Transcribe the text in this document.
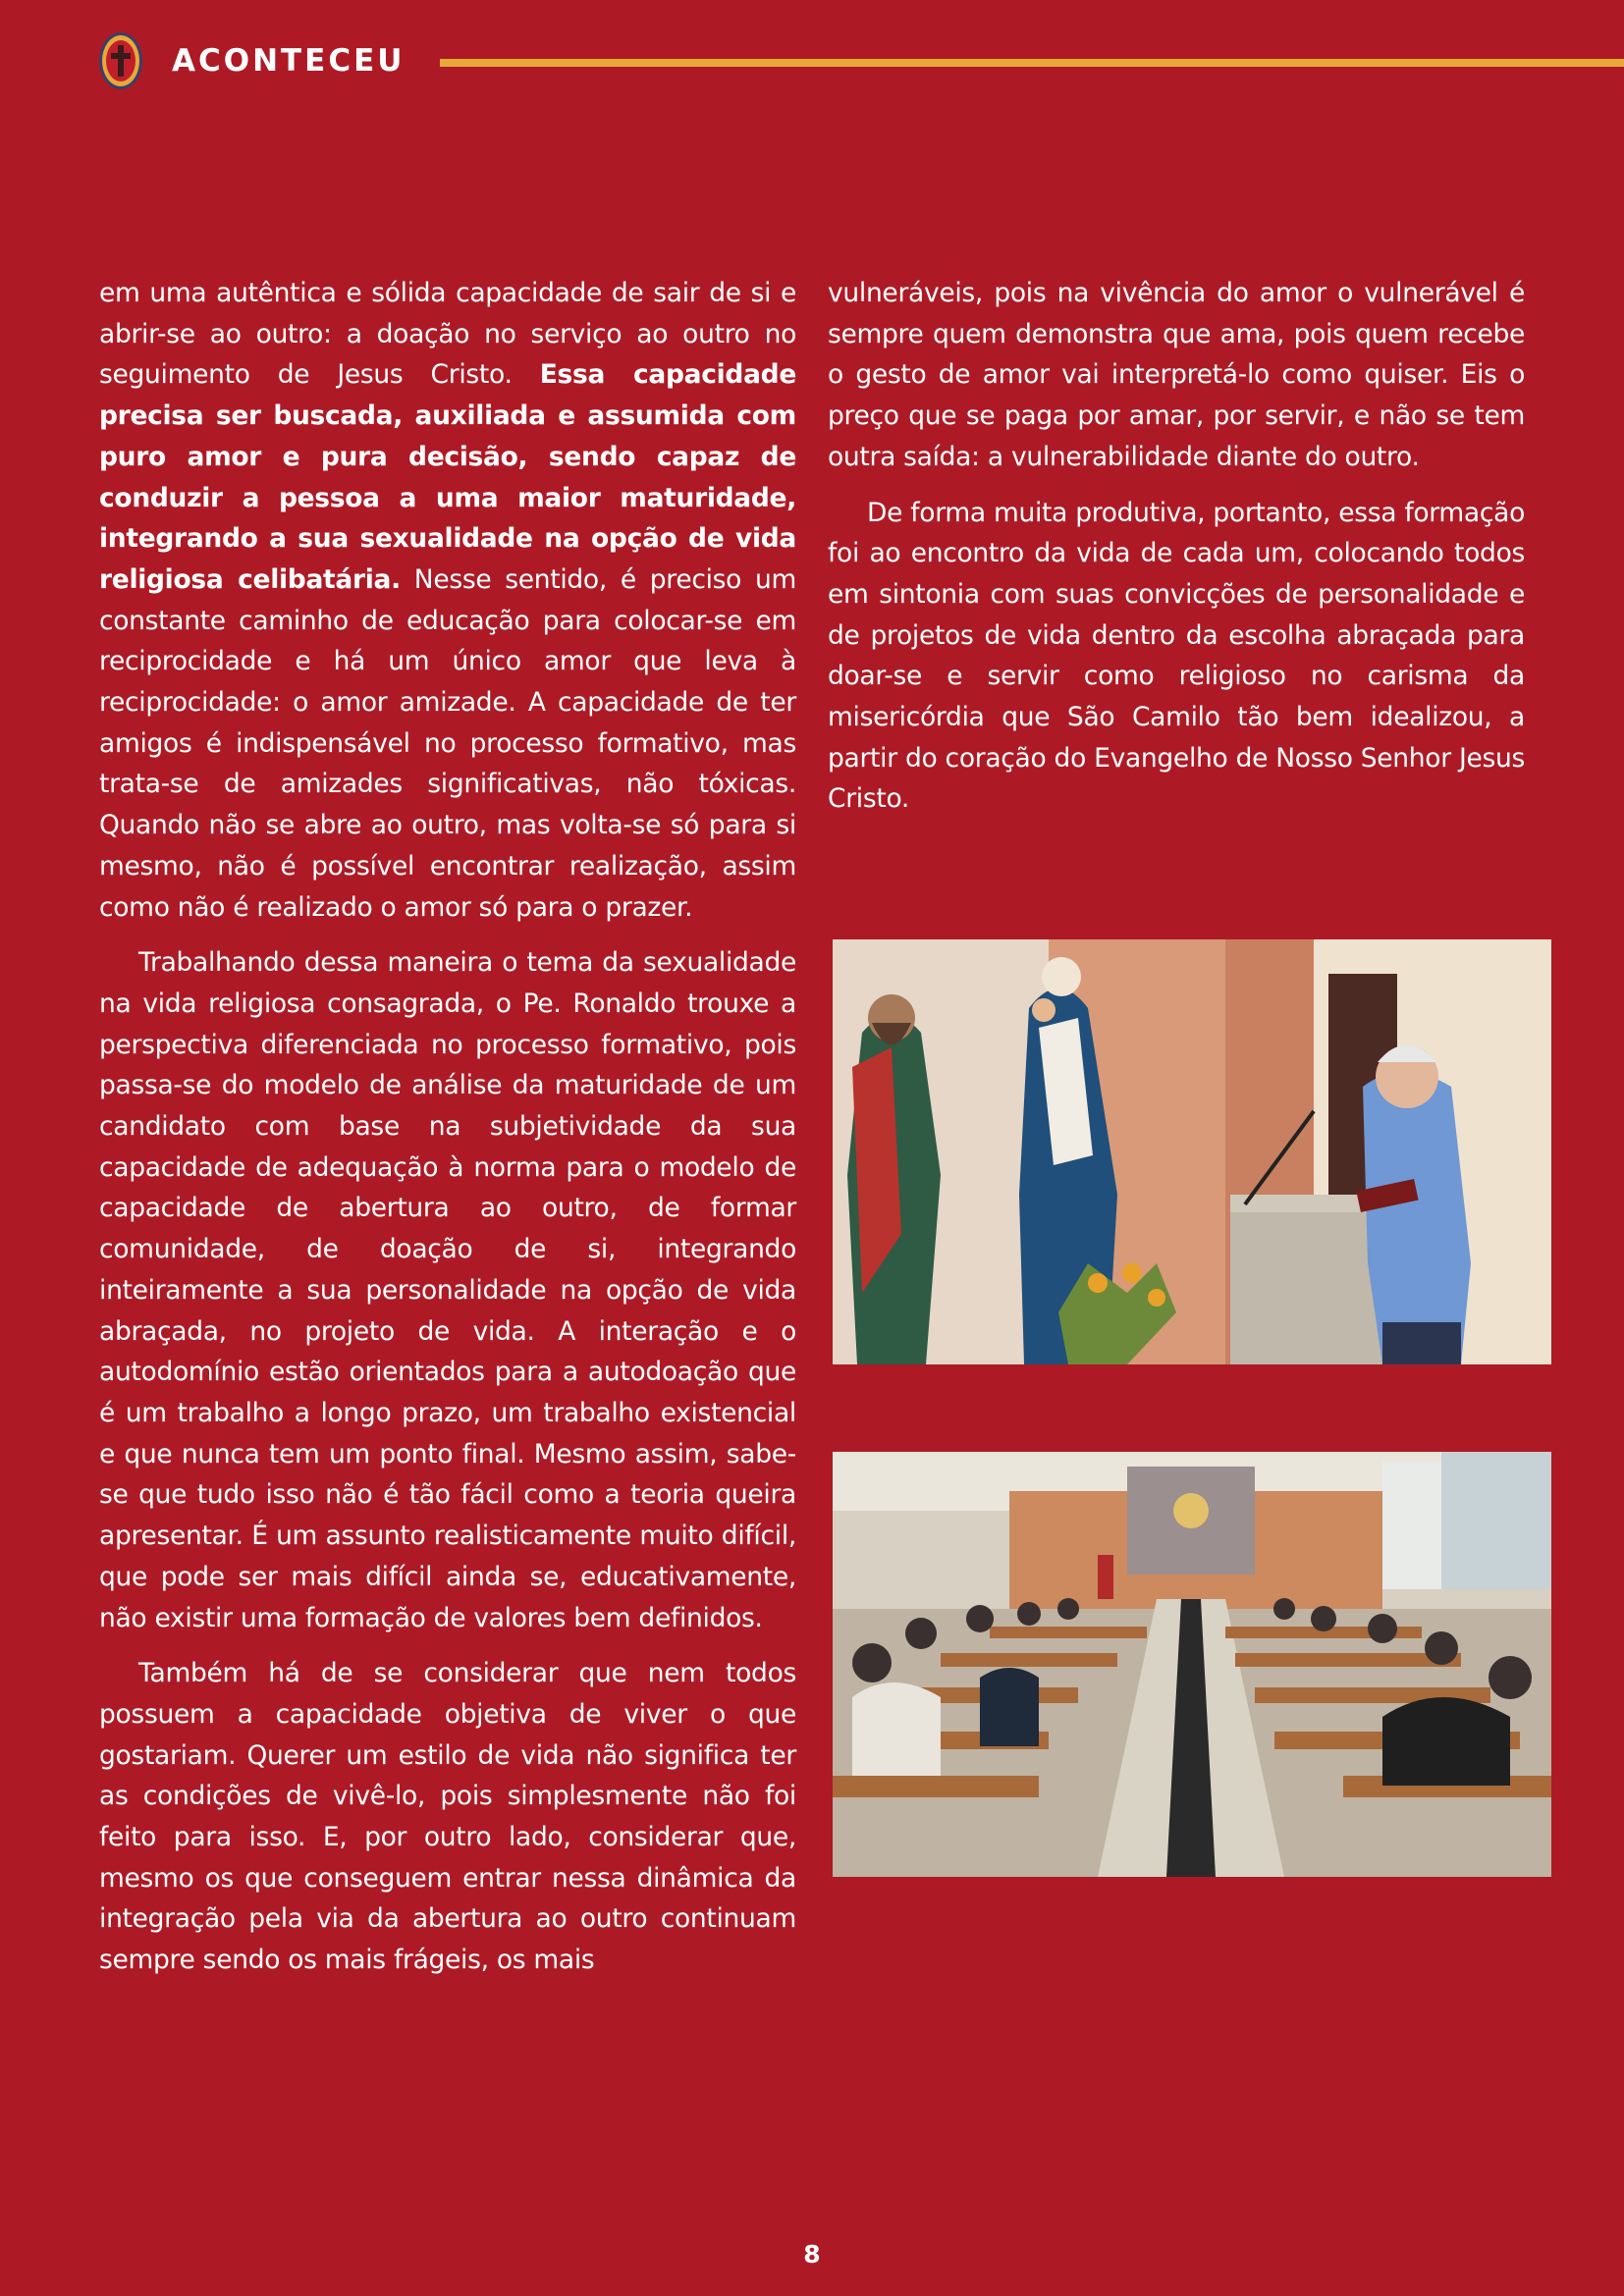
ACONTECEU

em uma autêntica e sólida capacidade de sair de si e abrir-se ao outro: a doação no serviço ao outro no seguimento de Jesus Cristo. Essa capacidade precisa ser buscada, auxiliada e assumida com puro amor e pura decisão, sendo capaz de conduzir a pessoa a uma maior maturidade, integrando a sua sexualidade na opção de vida religiosa celibatária. Nesse sentido, é preciso um constante caminho de educação para colocar-se em reciprocidade e há um único amor que leva à reciprocidade: o amor amizade. A capacidade de ter amigos é indispensável no processo formativo, mas trata-se de amizades significativas, não tóxicas. Quando não se abre ao outro, mas volta-se só para si mesmo, não é possível encontrar realização, assim como não é realizado o amor só para o prazer.

Trabalhando dessa maneira o tema da sexualidade na vida religiosa consagrada, o Pe. Ronaldo trouxe a perspectiva diferenciada no processo formativo, pois passa-se do modelo de análise da maturidade de um candidato com base na subjetividade da sua capacidade de adequação à norma para o modelo de capacidade de abertura ao outro, de formar comunidade, de doação de si, integrando inteiramente a sua personalidade na opção de vida abraçada, no projeto de vida. A interação e o autodomínio estão orientados para a autodoação que é um trabalho a longo prazo, um trabalho existencial e que nunca tem um ponto final. Mesmo assim, sabe-se que tudo isso não é tão fácil como a teoria queira apresentar. É um assunto realisticamente muito difícil, que pode ser mais difícil ainda se, educativamente, não existir uma formação de valores bem definidos.

Também há de se considerar que nem todos possuem a capacidade objetiva de viver o que gostariam. Querer um estilo de vida não significa ter as condições de vivê-lo, pois simplesmente não foi feito para isso. E, por outro lado, considerar que, mesmo os que conseguem entrar nessa dinâmica da integração pela via da abertura ao outro continuam sempre sendo os mais frágeis, os mais

vulneráveis, pois na vivência do amor o vulnerável é sempre quem demonstra que ama, pois quem recebe o gesto de amor vai interpretá-lo como quiser. Eis o preço que se paga por amar, por servir, e não se tem outra saída: a vulnerabilidade diante do outro.

De forma muita produtiva, portanto, essa formação foi ao encontro da vida de cada um, colocando todos em sintonia com suas convicções de personalidade e de projetos de vida dentro da escolha abraçada para doar-se e servir como religioso no carisma da misericórdia que São Camilo tão bem idealizou, a partir do coração do Evangelho de Nosso Senhor Jesus Cristo.

8
